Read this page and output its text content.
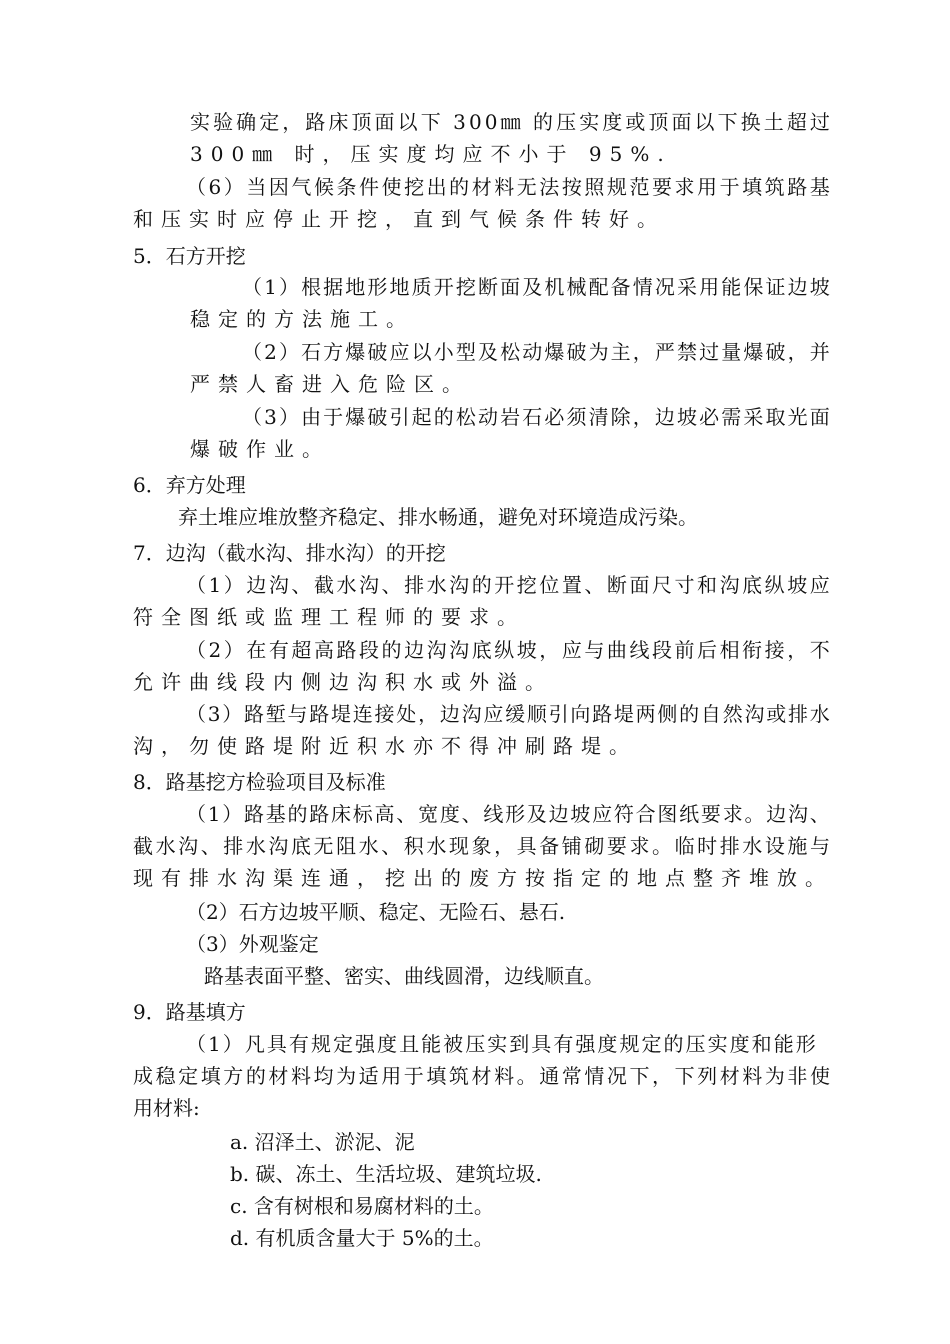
实验确定，路床顶面以下 300㎜ 的压实度或顶面以下换土超过
300㎜ 时，压实度均应不小于 95%.
（6）当因气候条件使挖出的材料无法按照规范要求用于填筑路基
和压实时应停止开挖，直到气候条件转好。
5．石方开挖
（1）根据地形地质开挖断面及机械配备情况采用能保证边坡
稳定的方法施工。
（2）石方爆破应以小型及松动爆破为主，严禁过量爆破，并
严禁人畜进入危险区。
（3）由于爆破引起的松动岩石必须清除，边坡必需采取光面
爆破作业。
6．弃方处理
弃土堆应堆放整齐稳定、排水畅通，避免对环境造成污染。
7．边沟（截水沟、排水沟）的开挖
（1）边沟、截水沟、排水沟的开挖位置、断面尺寸和沟底纵坡应
符全图纸或监理工程师的要求。
（2）在有超高路段的边沟沟底纵坡，应与曲线段前后相衔接，不
允许曲线段内侧边沟积水或外溢。
（3）路堑与路堤连接处，边沟应缓顺引向路堤两侧的自然沟或排水
沟，勿使路堤附近积水亦不得冲刷路堤。
8．路基挖方检验项目及标准
（1）路基的路床标高、宽度、线形及边坡应符合图纸要求。边沟、
截水沟、排水沟底无阻水、积水现象，具备铺砌要求。临时排水设施与
现有排水沟渠连通，挖出的废方按指定的地点整齐堆放。
（2）石方边坡平顺、稳定、无险石、悬石.
（3）外观鉴定
路基表面平整、密实、曲线圆滑，边线顺直。
9．路基填方
（1）凡具有规定强度且能被压实到具有强度规定的压实度和能形
成稳定填方的材料均为适用于填筑材料。通常情况下，下列材料为非使
用材料:
a. 沼泽土、淤泥、泥
b. 碳、冻土、生活垃圾、建筑垃圾.
c. 含有树根和易腐材料的土。
d. 有机质含量大于 5%的土。
